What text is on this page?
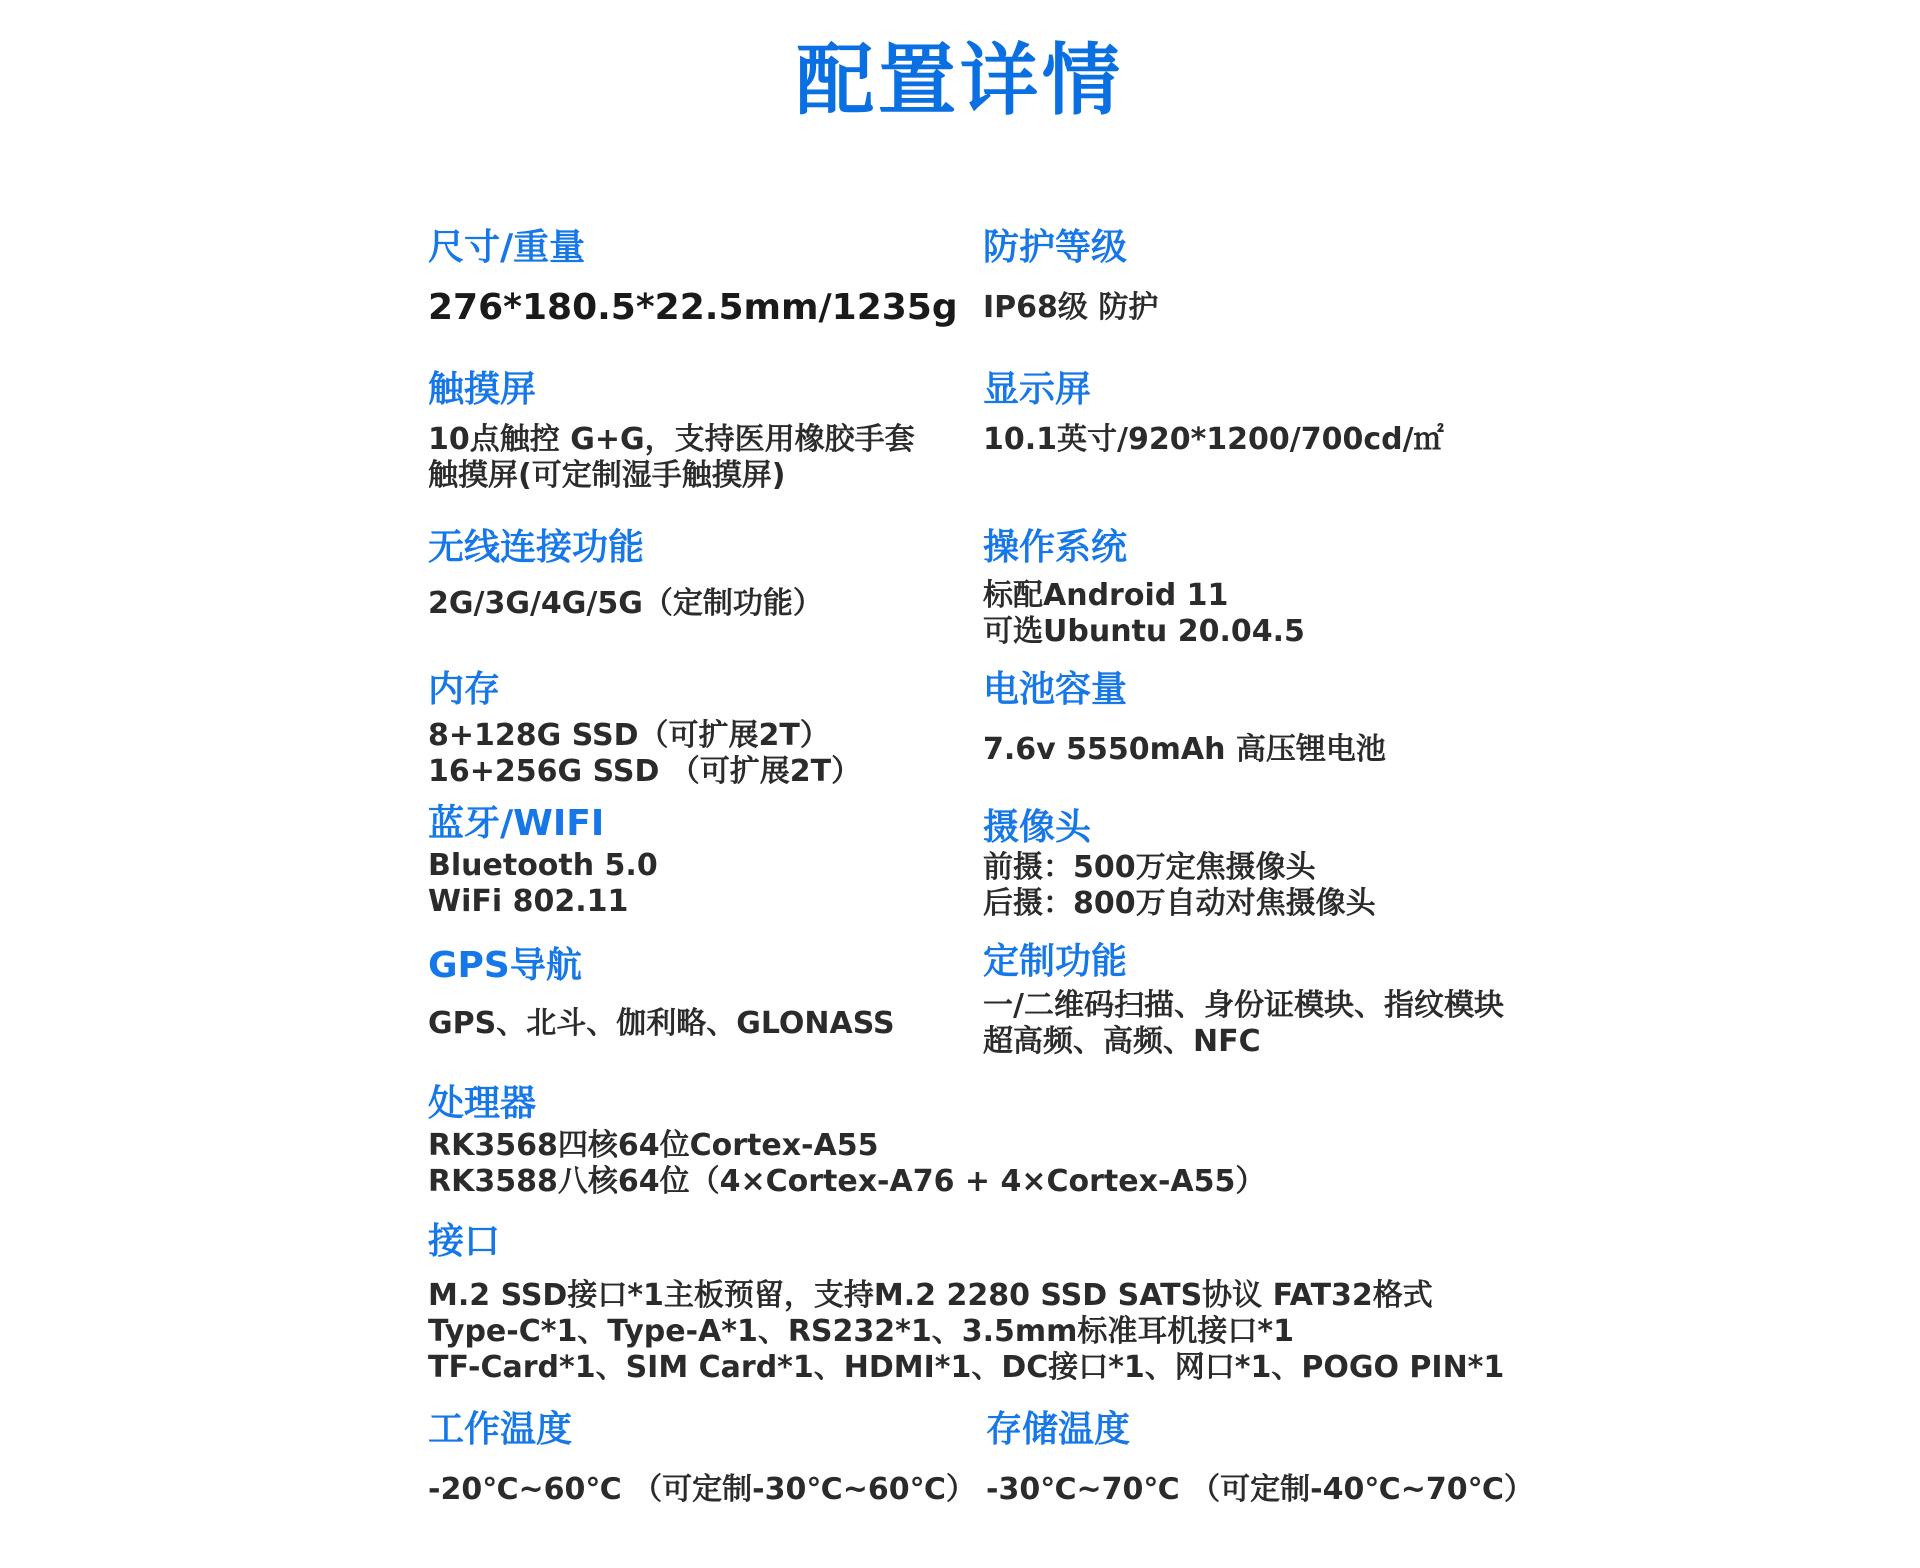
配置详情
尺寸/重量
276*180.5*22.5mm/1235g
防护等级
IP68级 防护
触摸屏
10点触控 G+G，支持医用橡胶手套
触摸屏(可定制湿手触摸屏)
显示屏
10.1英寸/920*1200/700cd/㎡
无线连接功能
2G/3G/4G/5G（定制功能）
操作系统
标配Android 11
可选Ubuntu 20.04.5
内存
8+128G SSD（可扩展2T）
16+256G SSD （可扩展2T）
电池容量
7.6v 5550mAh 高压锂电池
蓝牙/WIFI
Bluetooth 5.0
WiFi 802.11
摄像头
前摄：500万定焦摄像头
后摄：800万自动对焦摄像头
GPS导航
GPS、北斗、伽利略、GLONASS
定制功能
一/二维码扫描、身份证模块、指纹模块
超高频、高频、NFC
处理器
RK3568四核64位Cortex-A55
RK3588八核64位（4×Cortex-A76 + 4×Cortex-A55）
接口
M.2 SSD接口*1主板预留，支持M.2 2280 SSD SATS协议 FAT32格式
Type-C*1、Type-A*1、RS232*1、3.5mm标准耳机接口*1
TF-Card*1、SIM Card*1、HDMI*1、DC接口*1、网口*1、POGO PIN*1
工作温度
-20℃~60℃ （可定制-30℃~60℃）
存储温度
-30℃~70℃ （可定制-40℃~70℃）
